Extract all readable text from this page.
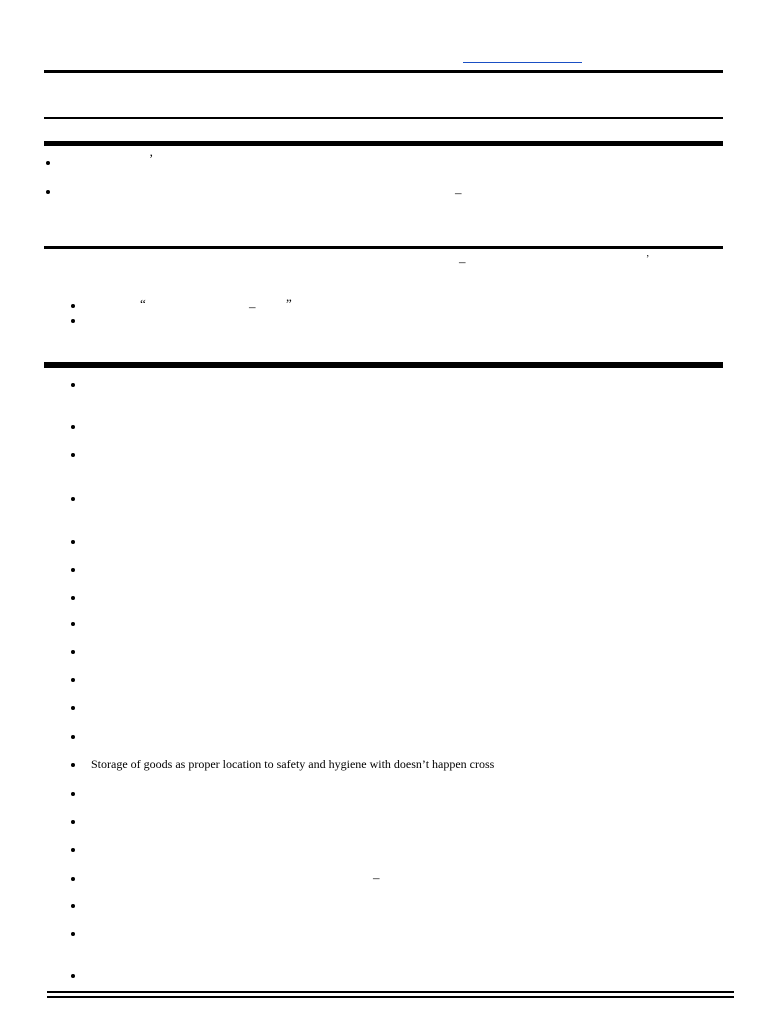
’
–
–	’
“	– ”
Storage of goods as proper location to safety and hygiene with doesn’t happen cross
–
